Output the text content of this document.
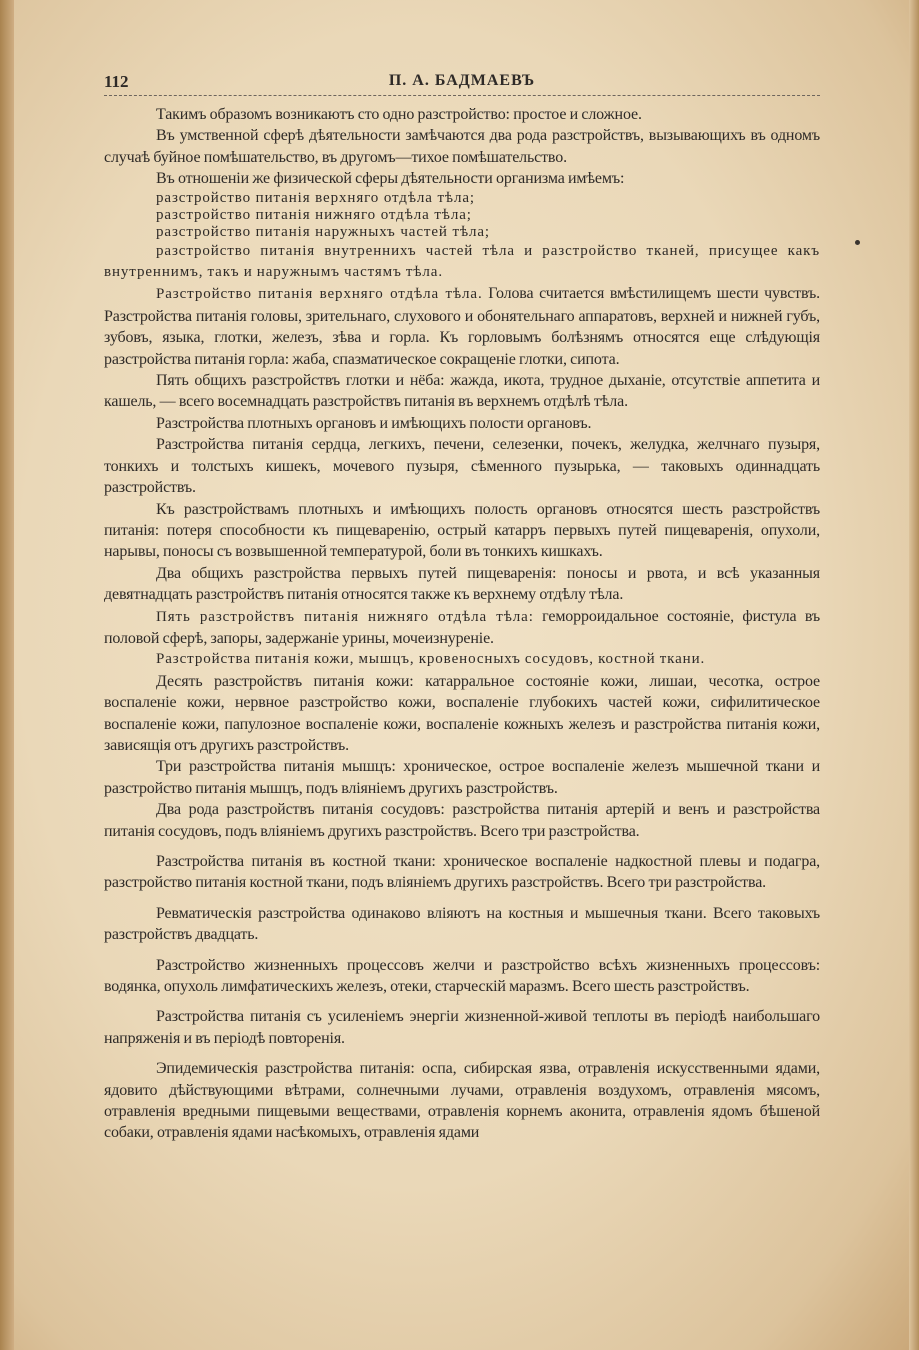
П. А. БАДМАЕВЪ
112

Такимъ образомъ возникаютъ сто одно разстройство: простое и сложное.

Въ умственной сферѣ дѣятельности замѣчаются два рода разстройствъ, вызывающихъ въ одномъ случаѣ буйное помѣшательство, въ другомъ—тихое помѣшательство.

Въ отношеніи же физической сферы дѣятельности организма имѣемъ:

разстройство питанія верхняго отдѣла тѣла;
разстройство питанія нижняго отдѣла тѣла;
разстройство питанія наружныхъ частей тѣла;

разстройство питанія внутреннихъ частей тѣла и разстройство тканей, присущее какъ внутреннимъ, такъ и наружнымъ частямъ тѣла.

Разстройство питанія верхняго отдѣла тѣла. Голова считается вмѣстилищемъ шести чувствъ. Разстройства питанія головы, зрительнаго, слухового и обонятельнаго аппаратовъ, верхней и нижней губъ, зубовъ, языка, глотки, железъ, зѣва и горла. Къ горловымъ болѣзнямъ относятся еще слѣдующія разстройства питанія горла: жаба, спазматическое сокращеніе глотки, сипота.

Пять общихъ разстройствъ глотки и нёба: жажда, икота, трудное дыханіе, отсутствіе аппетита и кашель, — всего восемнадцать разстройствъ питанія въ верхнемъ отдѣлѣ тѣла.

Разстройства плотныхъ органовъ и имѣющихъ полости органовъ.

Разстройства питанія сердца, легкихъ, печени, селезенки, почекъ, желудка, желчнаго пузыря, тонкихъ и толстыхъ кишекъ, мочевого пузыря, сѣменного пузырька, — таковыхъ одиннадцать разстройствъ.

Къ разстройствамъ плотныхъ и имѣющихъ полость органовъ относятся шесть разстройствъ питанія: потеря способности къ пищеваренію, острый катарръ первыхъ путей пищеваренія, опухоли, нарывы, поносы съ возвышенной температурой, боли въ тонкихъ кишкахъ.

Два общихъ разстройства первыхъ путей пищеваренія: поносы и рвота, и всѣ указанныя девятнадцать разстройствъ питанія относятся также къ верхнему отдѣлу тѣла.

Пять разстройствъ питанія нижняго отдѣла тѣла: геморроидальное состояніе, фистула въ половой сферѣ, запоры, задержаніе урины, мочеизнуреніе.

Разстройства питанія кожи, мышцъ, кровеносныхъ сосудовъ, костной ткани.

Десять разстройствъ питанія кожи: катарральное состояніе кожи, лишаи, чесотка, острое воспаленіе кожи, нервное разстройство кожи, воспаленіе глубокихъ частей кожи, сифилитическое воспаленіе кожи, папулозное воспаленіе кожи, воспаленіе кожныхъ железъ и разстройства питанія кожи, зависящія отъ другихъ разстройствъ.

Три разстройства питанія мышцъ: хроническое, острое воспаленіе железъ мышечной ткани и разстройство питанія мышцъ, подъ вліяніемъ другихъ разстройствъ.

Два рода разстройствъ питанія сосудовъ: разстройства питанія артерій и венъ и разстройства питанія сосудовъ, подъ вліяніемъ другихъ разстройствъ. Всего три разстройства.

Разстройства питанія въ костной ткани: хроническое воспаленіе надкостной плевы и подагра, разстройство питанія костной ткани, подъ вліяніемъ другихъ разстройствъ. Всего три разстройства.

Ревматическія разстройства одинаково вліяютъ на костныя и мышечныя ткани. Всего таковыхъ разстройствъ двадцать.

Разстройство жизненныхъ процессовъ желчи и разстройство всѣхъ жизненныхъ процессовъ: водянка, опухоль лимфатическихъ железъ, отеки, старческій маразмъ. Всего шесть разстройствъ.

Разстройства питанія съ усиленіемъ энергіи жизненной-живой теплоты въ періодѣ наибольшаго напряженія и въ періодѣ повторенія.

Эпидемическія разстройства питанія: оспа, сибирская язва, отравленія искусственными ядами, ядовито дѣйствующими вѣтрами, солнечными лучами, отравленія воздухомъ, отравленія мясомъ, отравленія вредными пищевыми веществами, отравленія корнемъ аконита, отравленія ядомъ бѣшеной собаки, отравленія ядами насѣкомыхъ, отравленія ядами
